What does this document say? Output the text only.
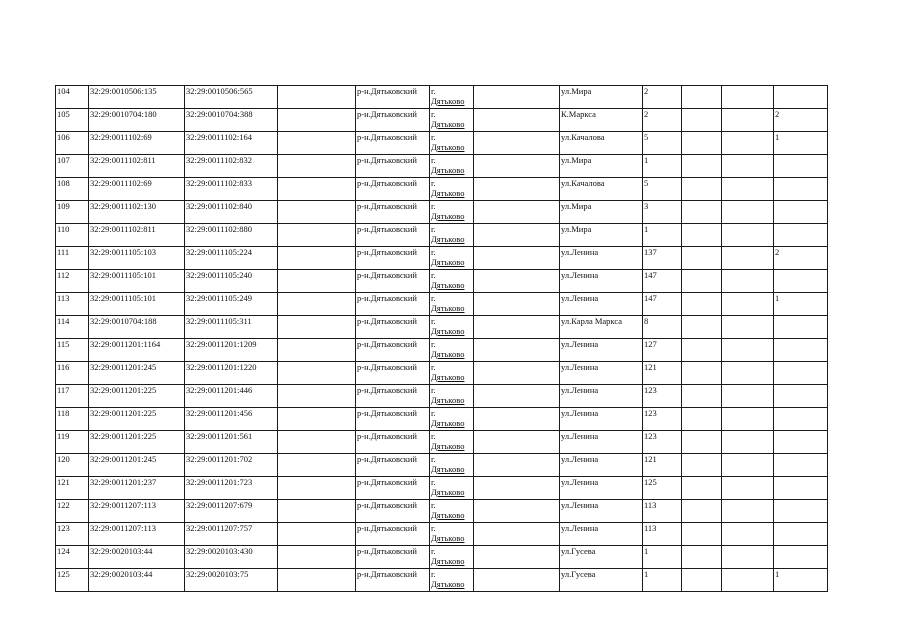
104	32:29:0010506:135	32:29:0010506:565		р-н.Дятьковский	г.
Дятьково		ул.Мира	2			
105	32:29:0010704:180	32:29:0010704:388		р-н.Дятьковский	г.
Дятьково		К.Маркса	2			2
106	32:29:0011102:69	32:29:0011102:164		р-н.Дятьковский	г.
Дятьково		ул.Качалова	5			1
107	32:29:0011102:811	32:29:0011102:832		р-н.Дятьковский	г.
Дятьково		ул.Мира	1			
108	32:29:0011102:69	32:29:0011102:833		р-н.Дятьковский	г.
Дятьково		ул.Качалова	5			
109	32:29:0011102:130	32:29:0011102:840		р-н.Дятьковский	г.
Дятьково		ул.Мира	3			
110	32:29:0011102:811	32:29:0011102:880		р-н.Дятьковский	г.
Дятьково		ул.Мира	1			
111	32:29:0011105:103	32:29:0011105:224		р-н.Дятьковский	г.
Дятьково		ул.Ленина	137			2
112	32:29:0011105:101	32:29:0011105:240		р-н.Дятьковский	г.
Дятьково		ул.Ленина	147			
113	32:29:0011105:101	32:29:0011105:249		р-н.Дятьковский	г.
Дятьково		ул.Ленина	147			1
114	32:29:0010704:188	32:29:0011105:311		р-н.Дятьковский	г.
Дятьково		ул.Карла Маркса	8			
115	32:29:0011201:1164	32:29:0011201:1209		р-н.Дятьковский	г.
Дятьково		ул.Ленина	127			
116	32:29:0011201:245	32:29:0011201:1220		р-н.Дятьковский	г.
Дятьково		ул.Ленина	121			
117	32:29:0011201:225	32:29:0011201:446		р-н.Дятьковский	г.
Дятьково		ул.Ленина	123			
118	32:29:0011201:225	32:29:0011201:456		р-н.Дятьковский	г.
Дятьково		ул.Ленина	123			
119	32:29:0011201:225	32:29:0011201:561		р-н.Дятьковский	г.
Дятьково		ул.Ленина	123			
120	32:29:0011201:245	32:29:0011201:702		р-н.Дятьковский	г.
Дятьково		ул.Ленина	121			
121	32:29:0011201:237	32:29:0011201:723		р-н.Дятьковский	г.
Дятьково		ул.Ленина	125			
122	32:29:0011207:113	32:29:0011207:679		р-н.Дятьковский	г.
Дятьково		ул.Ленина	113			
123	32:29:0011207:113	32:29:0011207:757		р-н.Дятьковский	г.
Дятьково		ул.Ленина	113			
124	32:29:0020103:44	32:29:0020103:430		р-н.Дятьковский	г.
Дятьково		ул.Гусева	1			
125	32:29:0020103:44	32:29:0020103:75		р-н.Дятьковский	г.
Дятьково		ул.Гусева	1			1
